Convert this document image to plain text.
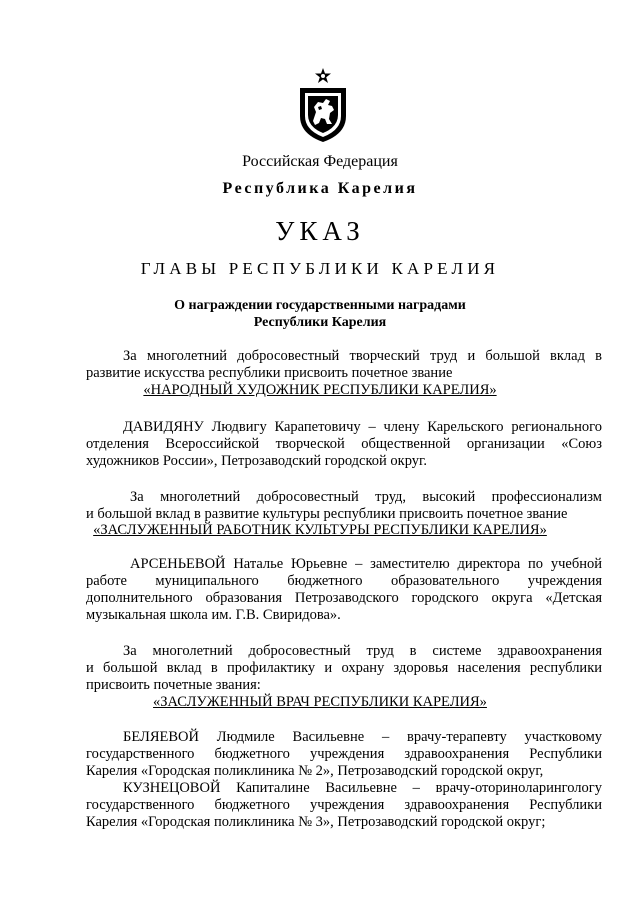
Российская Федерация
Республика Карелия
УКАЗ
ГЛАВЫ РЕСПУБЛИКИ КАРЕЛИЯ
О награждении государственными наградами
Республики Карелия
За многолетний добросовестный творческий труд и большой вклад в
развитие искусства республики присвоить почетное звание
«НАРОДНЫЙ ХУДОЖНИК РЕСПУБЛИКИ КАРЕЛИЯ»
ДАВИДЯНУ Людвигу Карапетовичу – члену Карельского регионального
отделения Всероссийской творческой общественной организации «Союз
художников России», Петрозаводский городской округ.
За многолетний добросовестный труд, высокий профессионализм
и большой вклад в развитие культуры республики присвоить почетное звание
«ЗАСЛУЖЕННЫЙ РАБОТНИК КУЛЬТУРЫ РЕСПУБЛИКИ КАРЕЛИЯ»
АРСЕНЬЕВОЙ Наталье Юрьевне – заместителю директора по учебной
работе муниципального бюджетного образовательного учреждения
дополнительного образования Петрозаводского городского округа «Детская
музыкальная школа им. Г.В. Свиридова».
За многолетний добросовестный труд в системе здравоохранения
и большой вклад в профилактику и охрану здоровья населения республики
присвоить почетные звания:
«ЗАСЛУЖЕННЫЙ ВРАЧ РЕСПУБЛИКИ КАРЕЛИЯ»
БЕЛЯЕВОЙ Людмиле Васильевне – врачу-терапевту участковому
государственного бюджетного учреждения здравоохранения Республики
Карелия «Городская поликлиника № 2», Петрозаводский городской округ,
КУЗНЕЦОВОЙ Капиталине Васильевне – врачу-оториноларингологу
государственного бюджетного учреждения здравоохранения Республики
Карелия «Городская поликлиника № 3», Петрозаводский городской округ;
